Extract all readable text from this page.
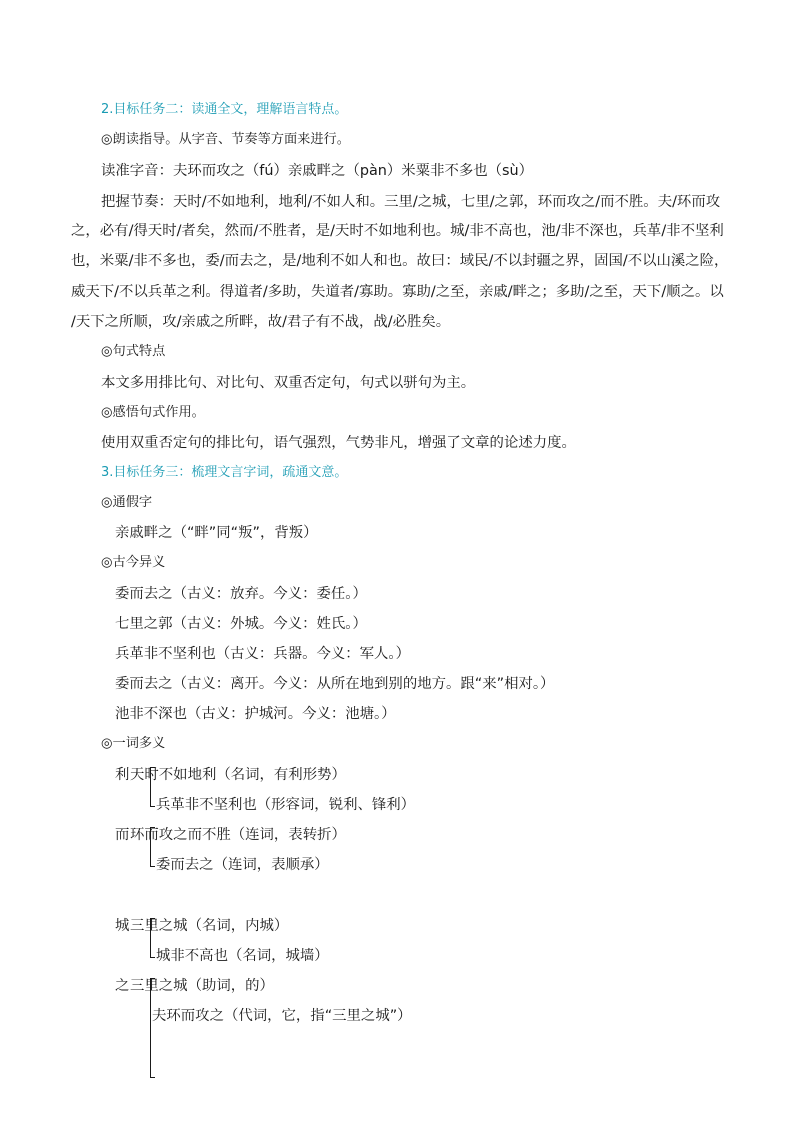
2.目标任务二：读通全文，理解语言特点。
◎朗读指导。从字音、节奏等方面来进行。
读准字音：夫环而攻之（fú）亲戚畔之（pàn）米粟非不多也（sù）
把握节奏：天时/不如地利，地利/不如人和。三里/之城，七里/之郭，环而攻之/而不胜。夫/环而攻
之，必有/得天时/者矣，然而/不胜者，是/天时不如地利也。城/非不高也，池/非不深也，兵革/非不坚利
也，米粟/非不多也，委/而去之，是/地利不如人和也。故曰：域民/不以封疆之界，固国/不以山溪之险，
威天下/不以兵革之利。得道者/多助，失道者/寡助。寡助/之至，亲戚/畔之；多助/之至，天下/顺之。以
/天下之所顺，攻/亲戚之所畔，故/君子有不战，战/必胜矣。
◎句式特点
本文多用排比句、对比句、双重否定句，句式以骈句为主。
◎感悟句式作用。
使用双重否定句的排比句，语气强烈，气势非凡，增强了文章的论述力度。
3.目标任务三：梳理文言字词，疏通文意。
◎通假字
亲戚畔之（“畔”同“叛”，背叛）
◎古今异义
委而去之（古义：放弃。今义：委任。）
七里之郭（古义：外城。今义：姓氏。）
兵革非不坚利也（古义：兵器。今义：军人。）
委而去之（古义：离开。今义：从所在地到别的地方。跟“来”相对。）
池非不深也（古义：护城河。今义：池塘。）
◎一词多义
利 天时不如地利（名词，有利形势）
兵革非不坚利也（形容词，锐利、锋利）
而 环而攻之而不胜（连词，表转折）
委而去之（连词，表顺承）
城 三里之城（名词，内城）
城非不高也（名词，城墙）
之 三里之城（助词，的）
夫环而攻之（代词，它，指“三里之城”）
